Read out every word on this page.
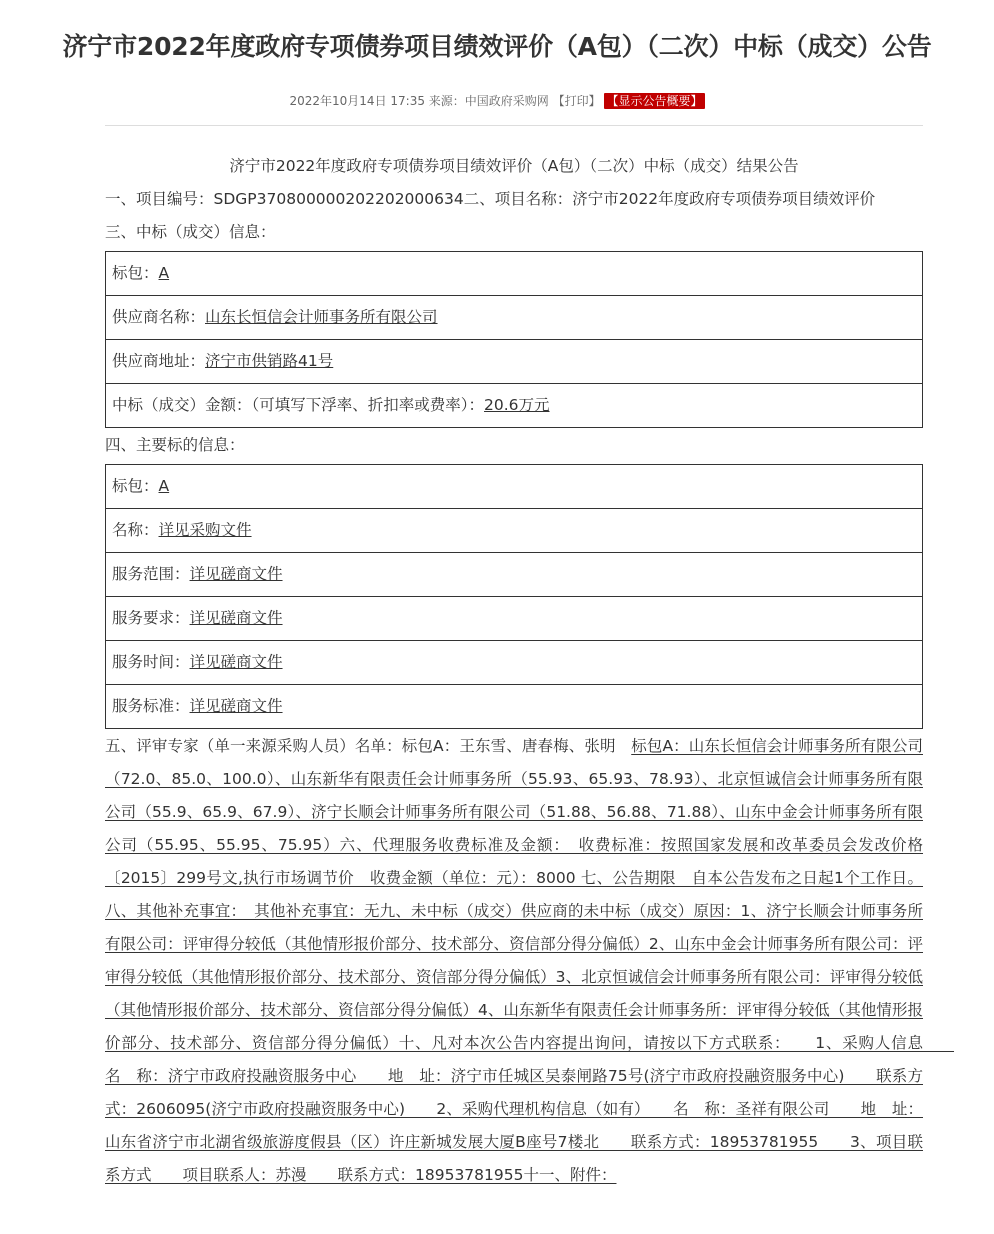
济宁市2022年度政府专项债券项目绩效评价（A包）（二次）中标（成交）公告
2022年10月14日 17:35 来源：中国政府采购网 【打印】 【显示公告概要】
济宁市2022年度政府专项债券项目绩效评价（A包）（二次）中标（成交）结果公告
一、项目编号：SDGP370800000202202000634二、项目名称：济宁市2022年度政府专项债券项目绩效评价
三、中标（成交）信息：
标包：A
供应商名称：山东长恒信会计师事务所有限公司
供应商地址：济宁市供销路41号
中标（成交）金额：（可填写下浮率、折扣率或费率）：20.6万元
四、主要标的信息：
标包：A
名称：详见采购文件
服务范围：详见磋商文件
服务要求：详见磋商文件
服务时间：详见磋商文件
服务标准：详见磋商文件
五、评审专家（单一来源采购人员）名单：标包A：王东雪、唐春梅、张明　标包A：山东长恒信会计师事务所有限公司（72.0、85.0、100.0）、山东新华有限责任会计师事务所（55.93、65.93、78.93）、北京恒诚信会计师事务所有限公司（55.9、65.9、67.9）、济宁长顺会计师事务所有限公司（51.88、56.88、71.88）、山东中金会计师事务所有限公司（55.95、55.95、75.95）六、代理服务收费标准及金额：　收费标准：按照国家发展和改革委员会发改价格〔2015〕299号文,执行市场调节价　收费金额（单位：元）：8000 七、公告期限　自本公告发布之日起1个工作日。八、其他补充事宜：　其他补充事宜：无九、未中标（成交）供应商的未中标（成交）原因：1、济宁长顺会计师事务所有限公司：评审得分较低（其他情形报价部分、技术部分、资信部分得分偏低）2、山东中金会计师事务所有限公司：评审得分较低（其他情形报价部分、技术部分、资信部分得分偏低）3、北京恒诚信会计师事务所有限公司：评审得分较低（其他情形报价部分、技术部分、资信部分得分偏低）4、山东新华有限责任会计师事务所：评审得分较低（其他情形报价部分、技术部分、资信部分得分偏低）十、凡对本次公告内容提出询问，请按以下方式联系：　　1、采购人信息　　名　称：济宁市政府投融资服务中心　　地　址：济宁市任城区吴泰闸路75号(济宁市政府投融资服务中心)　　联系方式：2606095(济宁市政府投融资服务中心)　　2、采购代理机构信息（如有）　　名　称：圣祥有限公司　　地　址：山东省济宁市北湖省级旅游度假县（区）许庄新城发展大厦B座号7楼北　　联系方式：18953781955　　3、项目联系方式　　项目联系人：苏漫　　联系方式：18953781955十一、附件：
